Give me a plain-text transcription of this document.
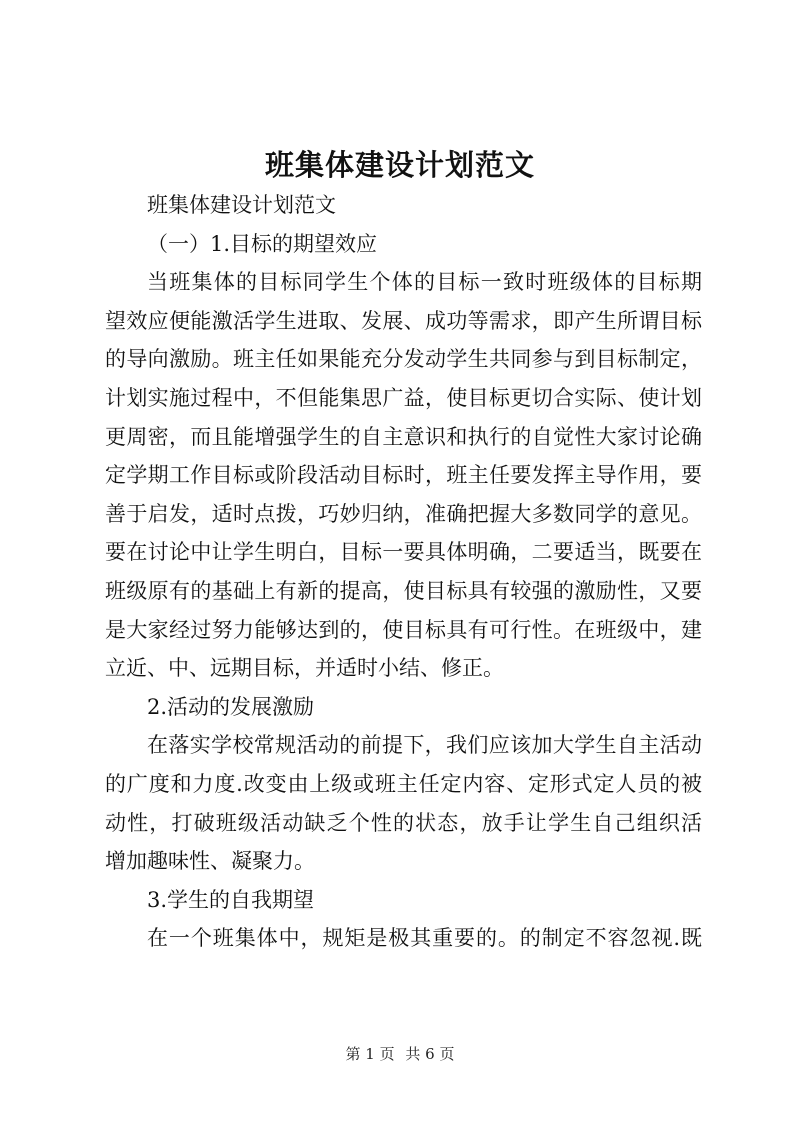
班集体建设计划范文
班集体建设计划范文
（一）1.目标的期望效应
当班集体的目标同学生个体的目标一致时班级体的目标期
望效应便能激活学生进取、发展、成功等需求，即产生所谓目标
的导向激励。班主任如果能充分发动学生共同参与到目标制定，
计划实施过程中，不但能集思广益，使目标更切合实际、使计划
更周密，而且能增强学生的自主意识和执行的自觉性大家讨论确
定学期工作目标或阶段活动目标时，班主任要发挥主导作用，要
善于启发，适时点拨，巧妙归纳，准确把握大多数同学的意见。
要在讨论中让学生明白，目标一要具体明确，二要适当，既要在
班级原有的基础上有新的提高，使目标具有较强的激励性，又要
是大家经过努力能够达到的，使目标具有可行性。在班级中，建
立近、中、远期目标，并适时小结、修正。
2.活动的发展激励
在落实学校常规活动的前提下，我们应该加大学生自主活动
的广度和力度.改变由上级或班主任定内容、定形式定人员的被
动性，打破班级活动缺乏个性的状态，放手让学生自己组织活
增加趣味性、凝聚力。
3.学生的自我期望
在一个班集体中，规矩是极其重要的。的制定不容忽视.既
第 1 页 共 6 页
